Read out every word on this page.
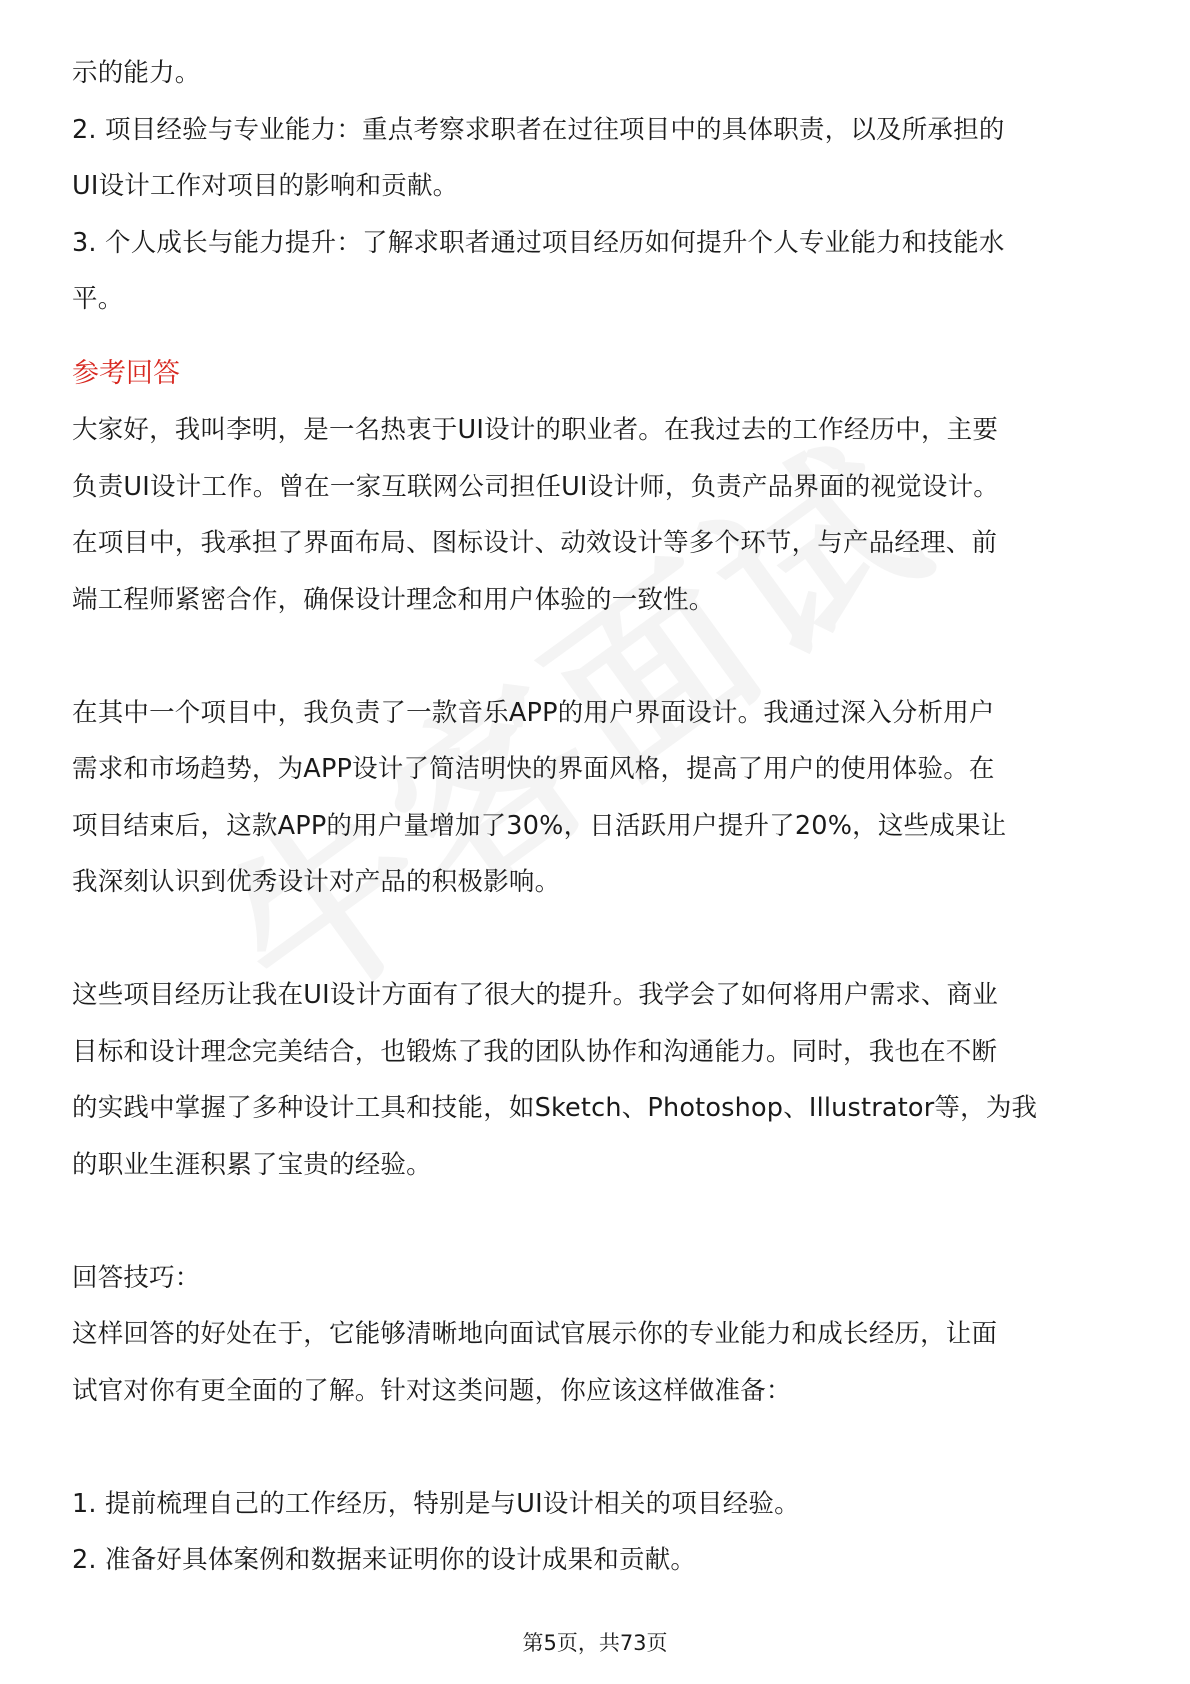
示的能力。
2. 项目经验与专业能力：重点考察求职者在过往项目中的具体职责，以及所承担的
UI设计工作对项目的影响和贡献。
3. 个人成长与能力提升：了解求职者通过项目经历如何提升个人专业能力和技能水
平。
参考回答
大家好，我叫李明，是一名热衷于UI设计的职业者。在我过去的工作经历中，主要
负责UI设计工作。曾在一家互联网公司担任UI设计师，负责产品界面的视觉设计。
在项目中，我承担了界面布局、图标设计、动效设计等多个环节，与产品经理、前
端工程师紧密合作，确保设计理念和用户体验的一致性。
在其中一个项目中，我负责了一款音乐APP的用户界面设计。我通过深入分析用户
需求和市场趋势，为APP设计了简洁明快的界面风格，提高了用户的使用体验。在
项目结束后，这款APP的用户量增加了30%，日活跃用户提升了20%，这些成果让
我深刻认识到优秀设计对产品的积极影响。
这些项目经历让我在UI设计方面有了很大的提升。我学会了如何将用户需求、商业
目标和设计理念完美结合，也锻炼了我的团队协作和沟通能力。同时，我也在不断
的实践中掌握了多种设计工具和技能，如Sketch、Photoshop、Illustrator等，为我
的职业生涯积累了宝贵的经验。
回答技巧：
这样回答的好处在于，它能够清晰地向面试官展示你的专业能力和成长经历，让面
试官对你有更全面的了解。针对这类问题，你应该这样做准备：
1. 提前梳理自己的工作经历，特别是与UI设计相关的项目经验。
2. 准备好具体案例和数据来证明你的设计成果和贡献。
第5页，共73页
